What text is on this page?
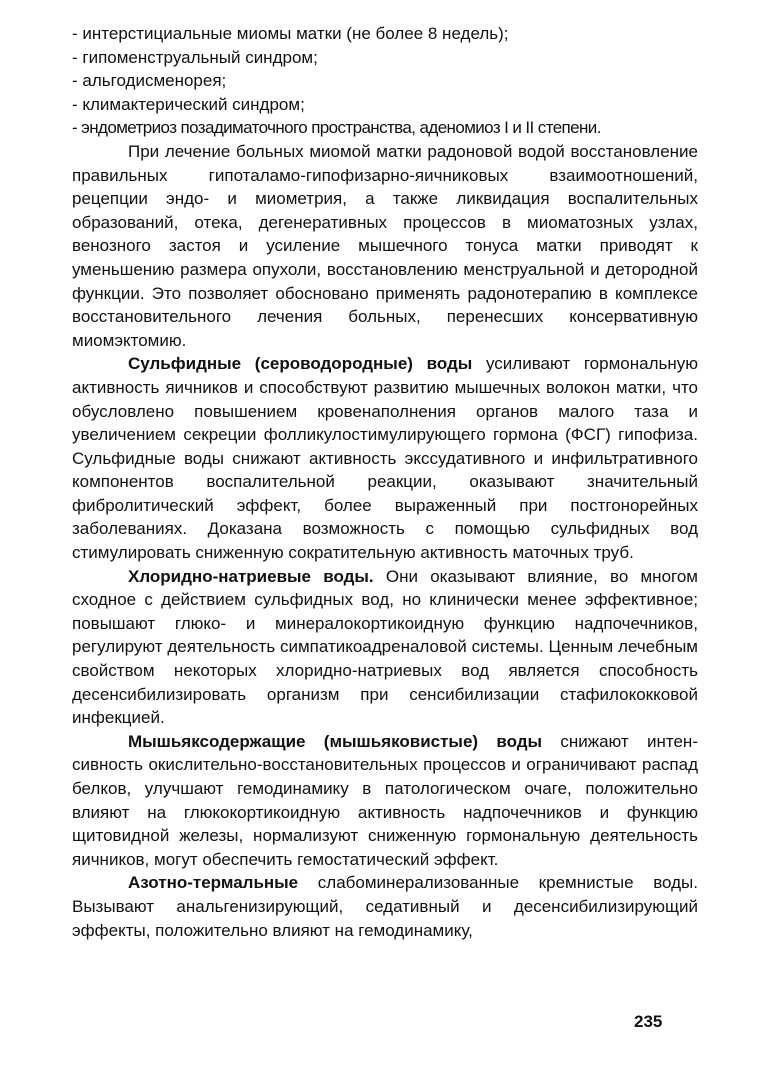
- интерстициальные миомы матки (не более 8 недель);
- гипоменструальный синдром;
- альгодисменорея;
- климактерический синдром;
- эндометриоз позадиматочного пространства, аденомиоз I и II степени.

При лечение больных миомой матки радоновой водой восстановление правильных гипоталамо-гипофизарно-яичниковых взаимоотношений, рецепции эндо- и миометрия, а также ликвидация воспалительных образований, отека, дегенеративных процессов в миоматозных узлах, венозного застоя и усиление мышечного тонуса матки приводят к уменьшению размера опухоли, восстановлению менструальной и детородной функции. Это позволяет обосновано применять радонотерапию в комплексе восстановительного лечения больных, перенесших консервативную миомэктомию.

Сульфидные (сероводородные) воды усиливают гормональную активность яичников и способствуют развитию мышечных волокон матки, что обусловлено повышением кровенаполнения органов малого таза и увеличением секреции фолликулостимулирующего гормона (ФСГ) гипофиза. Сульфидные воды снижают активность экссудативного и инфильтративного компонентов воспалительной реакции, оказывают значительный фибролитический эффект, более выраженный при постгонорейных заболеваниях. Доказана возможность с помощью сульфидных вод стимулировать сниженную сократительную активность маточных труб.

Хлоридно-натриевые воды. Они оказывают влияние, во многом сходное с действием сульфидных вод, но клинически менее эффективное; повышают глюко- и минералокортикоидную функцию надпочечников, регулируют деятельность симпатикоадреналовой системы. Ценным лечебным свойством некоторых хлоридно-натриевых вод является способность десенсибилизировать организм при сенсибилизации стафилококковой инфекцией.

Мышьяксодержащие (мышьяковистые) воды снижают интен-сивность окислительно-восстановительных процессов и ограничивают распад белков, улучшают гемодинамику в патологическом очаге, положительно влияют на глюкокортикоидную активность надпочечников и функцию щитовидной железы, нормализуют сниженную гормональную деятельность яичников, могут обеспечить гемостатический эффект.

Азотно-термальные слабоминерализованные кремнистые воды. Вызывают анальгенизирующий, седативный и десенсибилизирующий эффекты, положительно влияют на гемодинамику,

235
